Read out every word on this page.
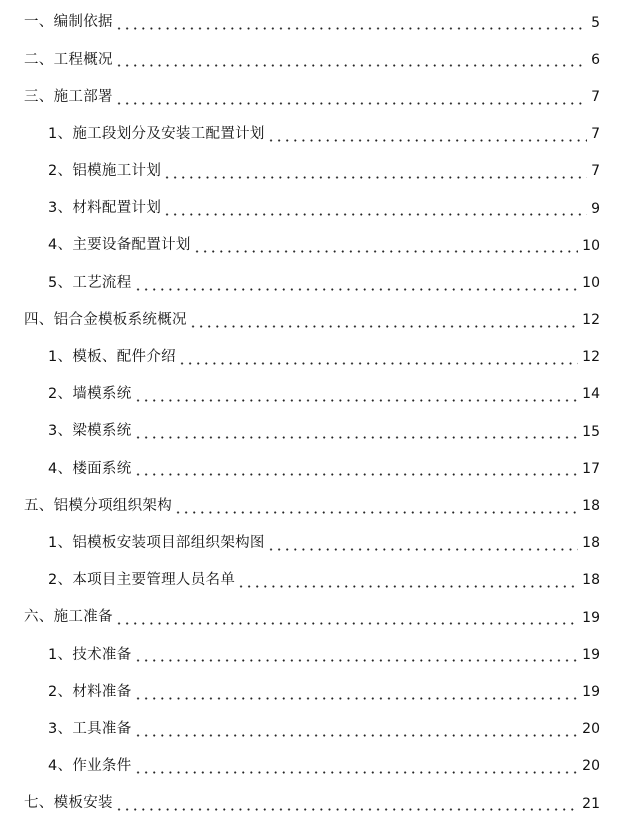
一、编制依据	5
二、工程概况	6
三、施工部署	7
1、施工段划分及安装工配置计划	7
2、铝模施工计划	7
3、材料配置计划	9
4、主要设备配置计划	10
5、工艺流程	10
四、铝合金模板系统概况	12
1、模板、配件介绍	12
2、墙模系统	14
3、梁模系统	15
4、楼面系统	17
五、铝模分项组织架构	18
1、铝模板安装项目部组织架构图	18
2、本项目主要管理人员名单	18
六、施工准备	19
1、技术准备	19
2、材料准备	19
3、工具准备	20
4、作业条件	20
七、模板安装	21
